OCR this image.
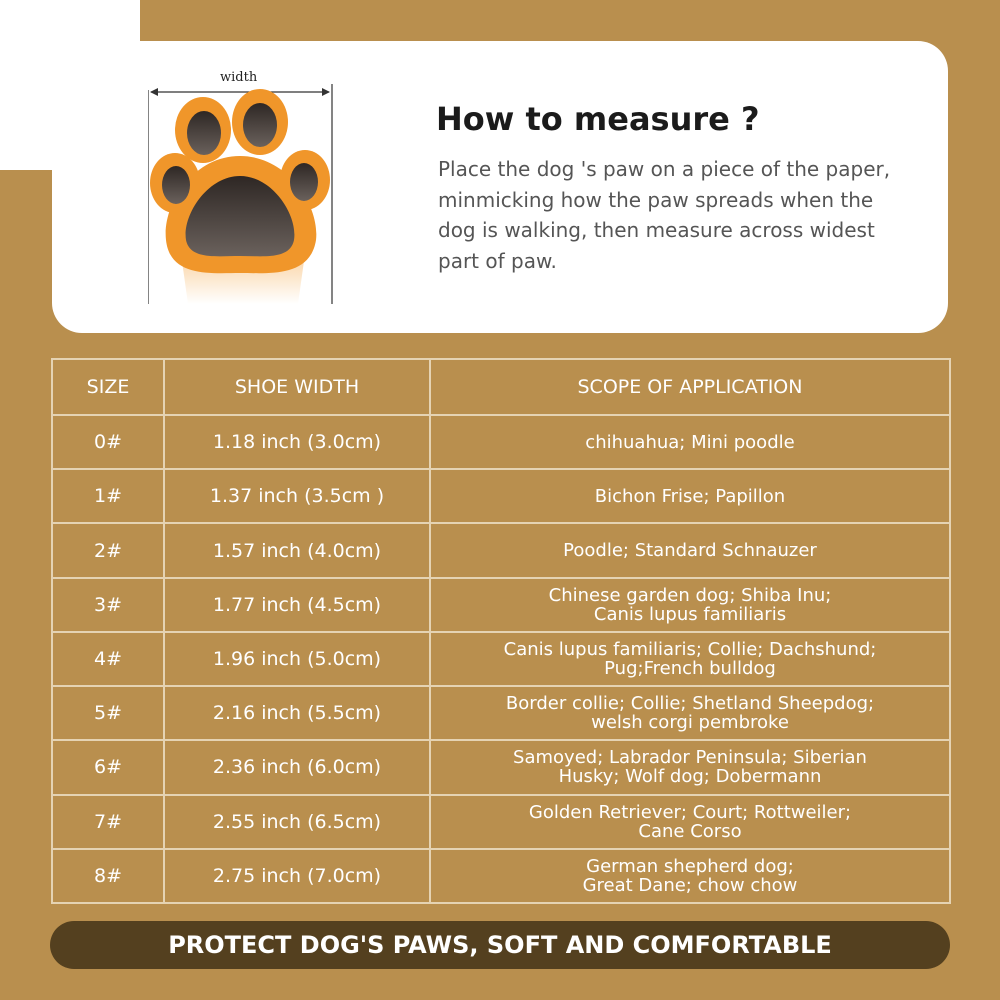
width
How to measure ?

Place the dog 's paw on a piece of the paper, minmicking how the paw spreads when the dog is walking, then measure across widest part of paw.

SIZE	SHOE WIDTH	SCOPE OF APPLICATION
0#	1.18 inch (3.0cm)	chihuahua; Mini poodle

1#	1.37 inch (3.5cm )	Bichon Frise; Papillon

2#	1.57 inch (4.0cm)	Poodle; Standard Schnauzer

3#	1.77 inch (4.5cm)	Chinese garden dog; Shiba Inu;
Canis lupus familiaris

4#	1.96 inch (5.0cm)	Canis lupus familiaris; Collie; Dachshund;
Pug;French bulldog

5#	2.16 inch (5.5cm)	Border collie; Collie; Shetland Sheepdog;
welsh corgi pembroke

6#	2.36 inch (6.0cm)	Samoyed; Labrador Peninsula; Siberian
Husky; Wolf dog; Dobermann

7#	2.55 inch (6.5cm)	Golden Retriever; Court; Rottweiler;
Cane Corso

8#	2.75 inch (7.0cm)	German shepherd dog;
Great Dane; chow chow
PROTECT DOG'S PAWS, SOFT AND COMFORTABLE
